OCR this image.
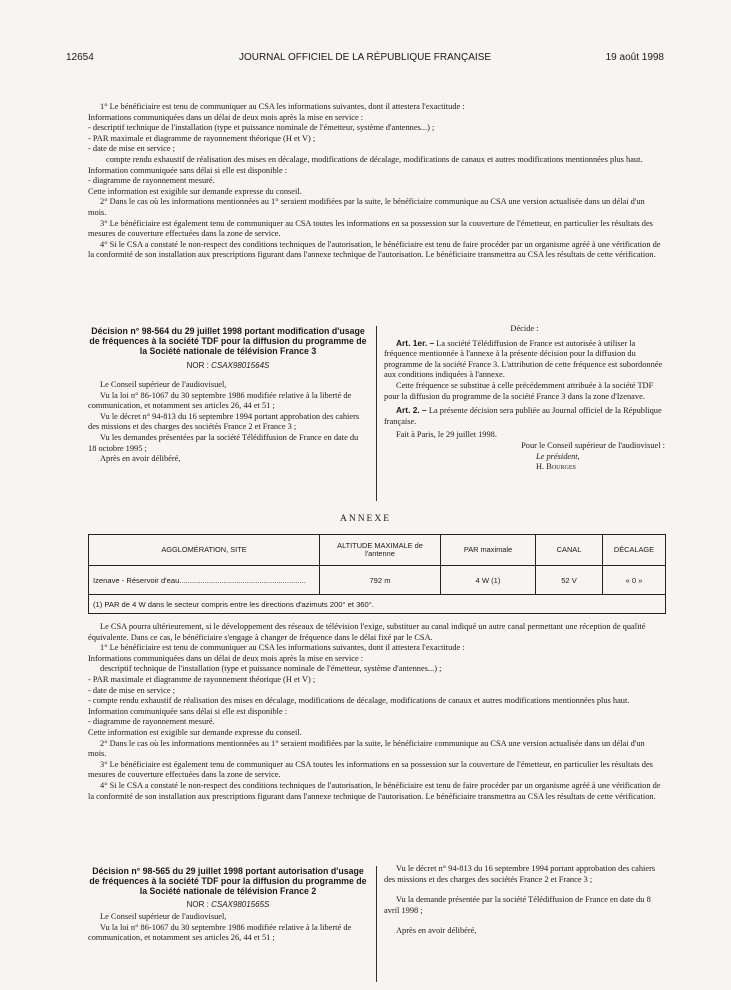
12654	JOURNAL OFFICIEL DE LA RÉPUBLIQUE FRANÇAISE	19 août 1998

1° Le bénéficiaire est tenu de communiquer au CSA les informations suivantes, dont il attestera l'exactitude :

Informations communiquées dans un délai de deux mois après la mise en service :

- descriptif technique de l'installation (type et puissance nominale de l'émetteur, système d'antennes...) ;

- PAR maximale et diagramme de rayonnement théorique (H et V) ;

- date de mise en service ;

compte rendu exhaustif de réalisation des mises en décalage, modifications de décalage, modifications de canaux et autres modifications mentionnées plus haut.

Information communiquée sans délai si elle est disponible :

- diagramme de rayonnement mesuré.

Cette information est exigible sur demande expresse du conseil.

2° Dans le cas où les informations mentionnées au 1° seraient modifiées par la suite, le bénéficiaire communique au CSA une version actualisée dans un délai d'un mois.

3° Le bénéficiaire est également tenu de communiquer au CSA toutes les informations en sa possession sur la couverture de l'émetteur, en particulier les résultats des mesures de couverture effectuées dans la zone de service.

4° Si le CSA a constaté le non-respect des conditions techniques de l'autorisation, le bénéficiaire est tenu de faire procéder par un organisme agréé à une vérification de la conformité de son installation aux prescriptions figurant dans l'annexe technique de l'autorisation. Le bénéficiaire transmettra au CSA les résultats de cette vérification.

Décision n° 98-564 du 29 juillet 1998 portant modification d'usage de fréquences à la société TDF pour la diffusion du programme de la Société nationale de télévision France 3

NOR : CSAX9801564S

Le Conseil supérieur de l'audiovisuel,

Vu la loi n° 86-1067 du 30 septembre 1986 modifiée relative à la liberté de communication, et notamment ses articles 26, 44 et 51 ;

Vu le décret n° 94-813 du 16 septembre 1994 portant approbation des cahiers des missions et des charges des sociétés France 2 et France 3 ;

Vu les demandes présentées par la société Télédiffusion de France en date du 18 octobre 1995 ;

Après en avoir délibéré,

Décide :

Art. 1er. – La société Télédiffusion de France est autorisée à utiliser la fréquence mentionnée à l'annexe à la présente décision pour la diffusion du programme de la société France 3. L'attribution de cette fréquence est subordonnée aux conditions indiquées à l'annexe.

Cette fréquence se substitue à celle précédemment attribuée à la société TDF pour la diffusion du programme de la société France 3 dans la zone d'Izenave.

Art. 2. – La présente décision sera publiée au Journal officiel de la République française.

Fait à Paris, le 29 juillet 1998.

Pour le Conseil supérieur de l'audiovisuel :

Le président,

H. Bourges

ANNEXE
AGGLOMÉRATION, SITE	ALTITUDE MAXIMALE de l'antenne	PAR maximale	CANAL	DÉCALAGE
Izenave - Réservoir d'eau............................................................	792 m	4 W (1)	52 V	« 0 »
(1) PAR de 4 W dans le secteur compris entre les directions d'azimuts 200° et 360°.				

Le CSA pourra ultérieurement, si le développement des réseaux de télévision l'exige, substituer au canal indiqué un autre canal permettant une réception de qualité équivalente. Dans ce cas, le bénéficiaire s'engage à changer de fréquence dans le délai fixé par le CSA.

1° Le bénéficiaire est tenu de communiquer au CSA les informations suivantes, dont il attestera l'exactitude :

Informations communiquées dans un délai de deux mois après la mise en service :

descriptif technique de l'installation (type et puissance nominale de l'émetteur, système d'antennes...) ;

- PAR maximale et diagramme de rayonnement théorique (H et V) ;

- date de mise en service ;

- compte rendu exhaustif de réalisation des mises en décalage, modifications de décalage, modifications de canaux et autres modifications mentionnées plus haut.

Information communiquée sans délai si elle est disponible :

- diagramme de rayonnement mesuré.

Cette information est exigible sur demande expresse du conseil.

2° Dans le cas où les informations mentionnées au 1° seraient modifiées par la suite, le bénéficiaire communique au CSA une version actualisée dans un délai d'un mois.

3° Le bénéficiaire est également tenu de communiquer au CSA toutes les informations en sa possession sur la couverture de l'émetteur, en particulier les résultats des mesures de couverture effectuées dans la zone de service.

4° Si le CSA a constaté le non-respect des conditions techniques de l'autorisation, le bénéficiaire est tenu de faire procéder par un organisme agréé à une vérification de la conformité de son installation aux prescriptions figurant dans l'annexe technique de l'autorisation. Le bénéficiaire transmettra au CSA les résultats de cette vérification.

Décision n° 98-565 du 29 juillet 1998 portant autorisation d'usage de fréquences à la société TDF pour la diffusion du programme de la Société nationale de télévision France 2

NOR : CSAX9801565S

Le Conseil supérieur de l'audiovisuel,

Vu la loi n° 86-1067 du 30 septembre 1986 modifiée relative à la liberté de communication, et notamment ses articles 26, 44 et 51 ;

Vu le décret n° 94-813 du 16 septembre 1994 portant approbation des cahiers des missions et des charges des sociétés France 2 et France 3 ;

Vu la demande présentée par la société Télédiffusion de France en date du 8 avril 1998 ;

Après en avoir délibéré,
